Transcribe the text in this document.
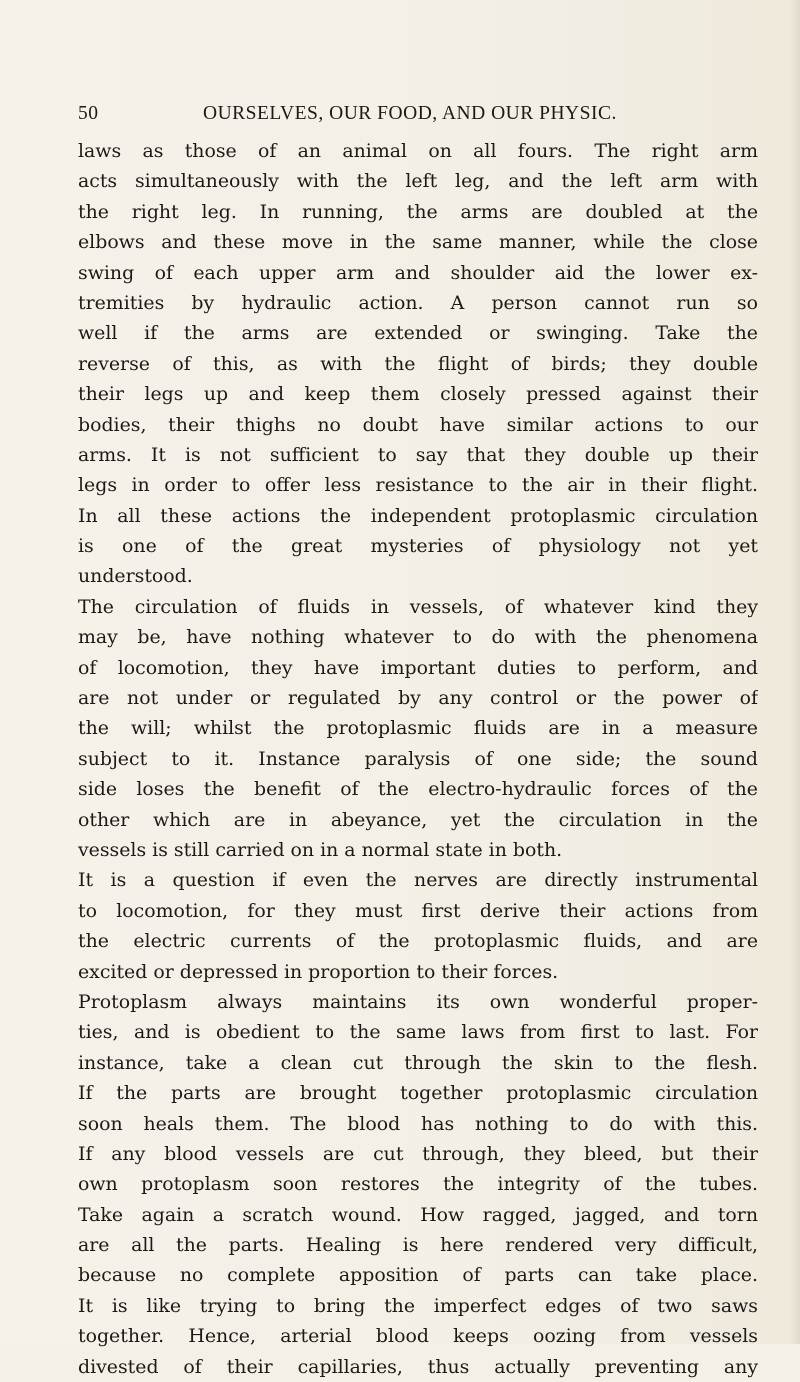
50	OURSELVES, OUR FOOD, AND OUR PHYSIC.
laws as those of an animal on all fours. The right arm
acts simultaneously with the left leg, and the left arm with
the right leg. In running, the arms are doubled at the
elbows and these move in the same manner, while the close
swing of each upper arm and shoulder aid the lower ex-
tremities by hydraulic action. A person cannot run so
well if the arms are extended or swinging. Take the
reverse of this, as with the flight of birds; they double
their legs up and keep them closely pressed against their
bodies, their thighs no doubt have similar actions to our
arms. It is not sufficient to say that they double up their
legs in order to offer less resistance to the air in their flight.
In all these actions the independent protoplasmic circulation
is one of the great mysteries of physiology not yet
understood.
The circulation of fluids in vessels, of whatever kind they
may be, have nothing whatever to do with the phenomena
of locomotion, they have important duties to perform, and
are not under or regulated by any control or the power of
the will; whilst the protoplasmic fluids are in a measure
subject to it. Instance paralysis of one side; the sound
side loses the benefit of the electro-hydraulic forces of the
other which are in abeyance, yet the circulation in the
vessels is still carried on in a normal state in both.
It is a question if even the nerves are directly instrumental
to locomotion, for they must first derive their actions from
the electric currents of the protoplasmic fluids, and are
excited or depressed in proportion to their forces.
Protoplasm always maintains its own wonderful proper-
ties, and is obedient to the same laws from first to last. For
instance, take a clean cut through the skin to the flesh.
If the parts are brought together protoplasmic circulation
soon heals them. The blood has nothing to do with this.
If any blood vessels are cut through, they bleed, but their
own protoplasm soon restores the integrity of the tubes.
Take again a scratch wound. How ragged, jagged, and torn
are all the parts. Healing is here rendered very difficult,
because no complete apposition of parts can take place.
It is like trying to bring the imperfect edges of two saws
together. Hence, arterial blood keeps oozing from vessels
divested of their capillaries, thus actually preventing any
